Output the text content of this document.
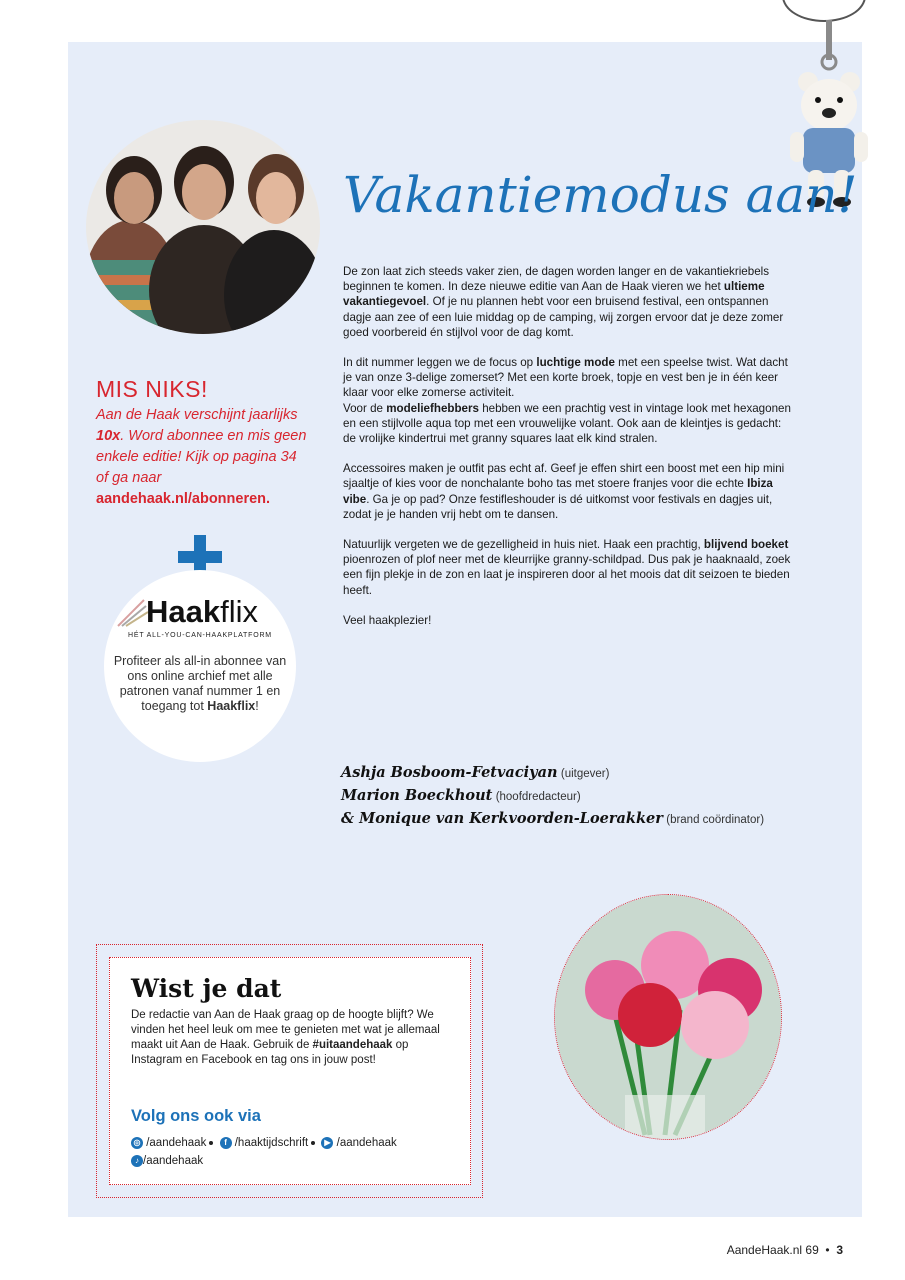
MIS NIKS!

Aan de Haak verschijnt jaarlijks 10x. Word abonnee en mis geen enkele editie! Kijk op pagina 34 of ga naar aandehaak.nl/abonneren.

Haakflix
HÉT ALL-YOU-CAN-HAAKPLATFORM
Profiteer als all-in abonnee van ons online archief met alle patronen vanaf nummer 1 en toegang tot Haakflix!
Vakantiemodus aan!

De zon laat zich steeds vaker zien, de dagen worden langer en de vakantiekriebels beginnen te komen. In deze nieuwe editie van Aan de Haak vieren we het ultieme vakantiegevoel. Of je nu plannen hebt voor een bruisend festival, een ontspannen dagje aan zee of een luie middag op de camping, wij zorgen ervoor dat je deze zomer goed voorbereid én stijlvol voor de dag komt.

In dit nummer leggen we de focus op luchtige mode met een speelse twist. Wat dacht je van onze 3-delige zomerset? Met een korte broek, topje en vest ben je in één keer klaar voor elke zomerse activiteit.

Voor de modeliefhebbers hebben we een prachtig vest in vintage look met hexagonen en een stijlvolle aqua top met een vrouwelijke volant. Ook aan de kleintjes is gedacht: de vrolijke kindertrui met granny squares laat elk kind stralen.

Accessoires maken je outfit pas echt af. Geef je effen shirt een boost met een hip mini sjaaltje of kies voor de nonchalante boho tas met stoere franjes voor die echte Ibiza vibe. Ga je op pad? Onze festifleshouder is dé uitkomst voor festivals en dagjes uit, zodat je je handen vrij hebt om te dansen.

Natuurlijk vergeten we de gezelligheid in huis niet. Haak een prachtig, blijvend boeket pioenrozen of plof neer met de kleurrijke granny-schildpad. Dus pak je haaknaald, zoek een fijn plekje in de zon en laat je inspireren door al het moois dat dit seizoen te bieden heeft.

Veel haakplezier!

Ashja Bosboom-Fetvaciyan (uitgever)
Marion Boeckhout (hoofdredacteur)
& Monique van Kerkvoorden-Loerakker (brand coördinator)
Wist je dat
De redactie van Aan de Haak graag op de hoogte blijft? We vinden het heel leuk om mee te genieten met wat je allemaal maakt uit Aan de Haak. Gebruik de #uitaandehaak op Instagram en Facebook en tag ons in jouw post!
Volg ons ook via
◎ /aandehaak f /haaktijdschrift ▶ /aandehaak
♪ /aandehaak
AandeHaak.nl 69  •  3
